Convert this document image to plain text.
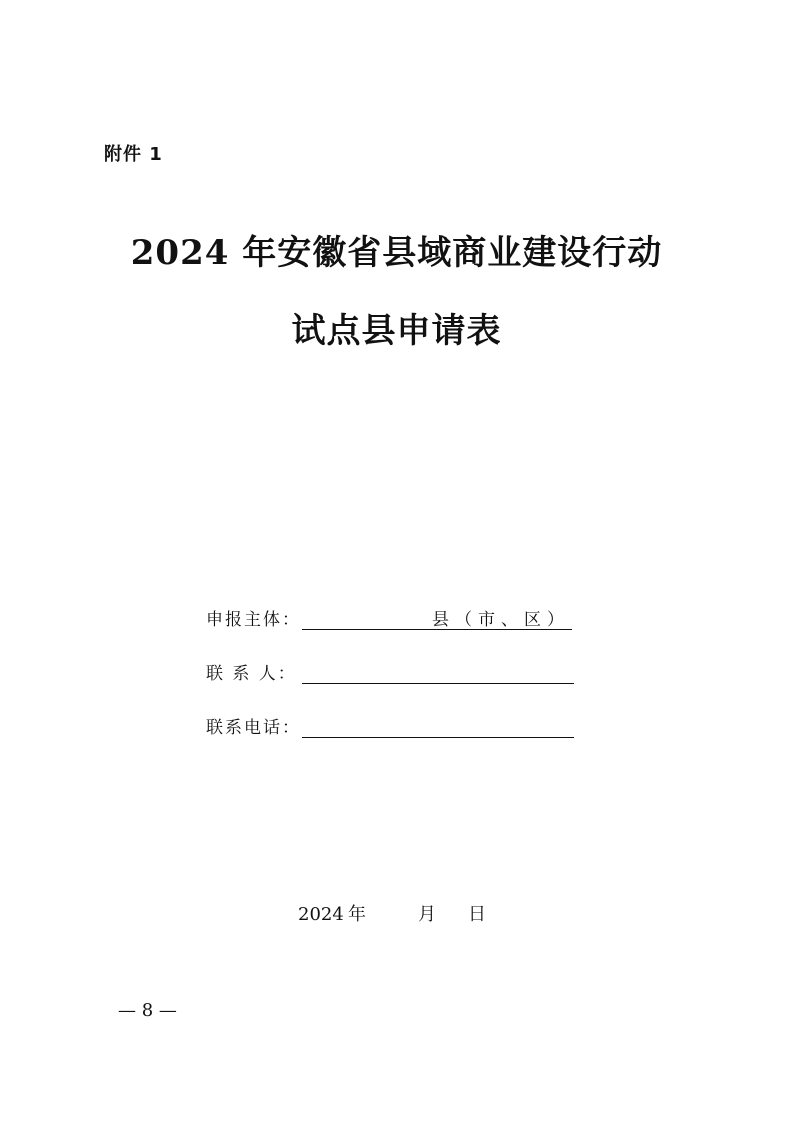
附件 1
2024 年安徽省县域商业建设行动
试点县申请表
申报主体：	县（市、区）
联 系 人：
联系电话：
2024 年	月 日
— 8 —
